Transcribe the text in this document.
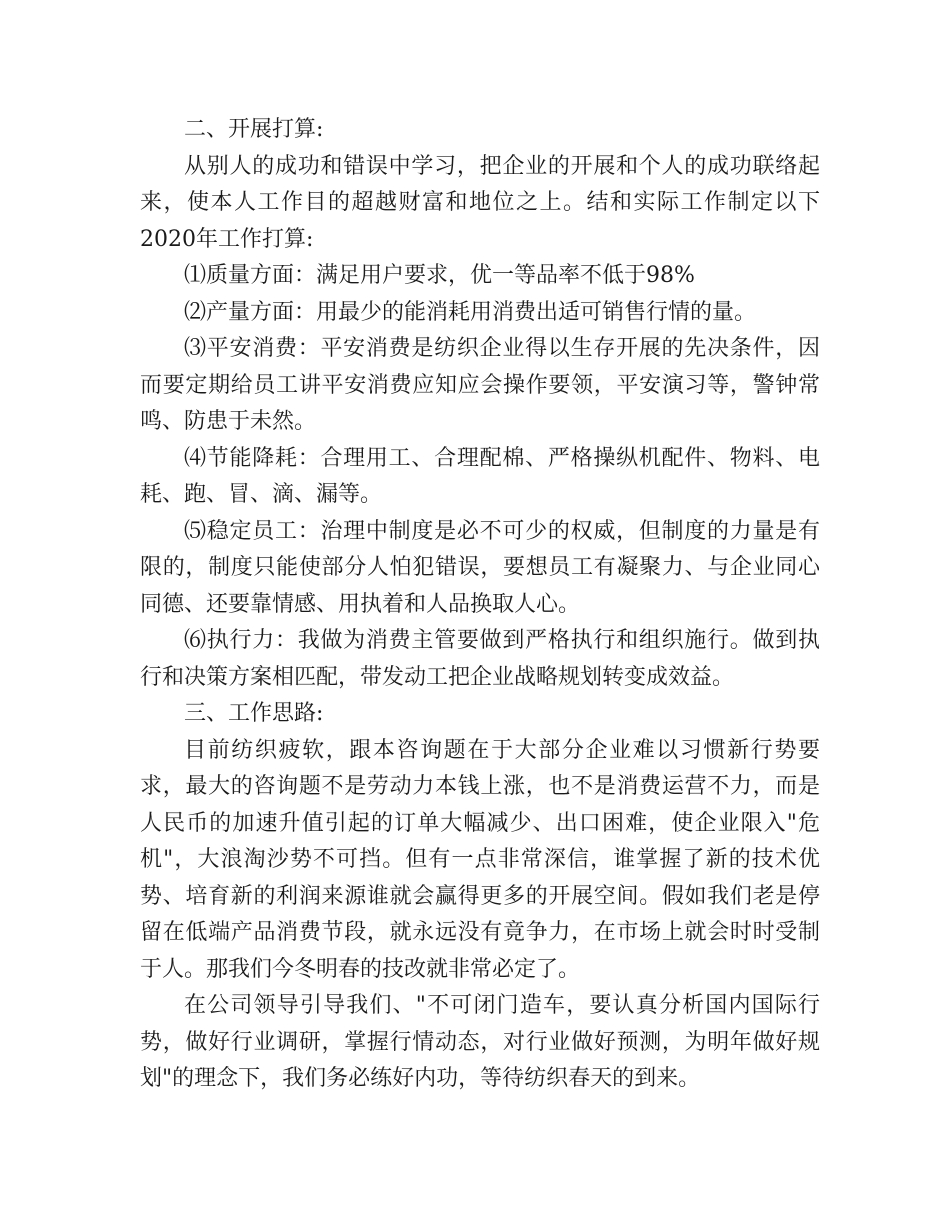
二、开展打算:

从别人的成功和错误中学习，把企业的开展和个人的成功联络起来，使本人工作目的超越财富和地位之上。结和实际工作制定以下2020年工作打算:

⑴质量方面：满足用户要求，优一等品率不低于98%

⑵产量方面：用最少的能消耗用消费出适可销售行情的量。

⑶平安消费：平安消费是纺织企业得以生存开展的先决条件，因而要定期给员工讲平安消费应知应会操作要领，平安演习等，警钟常鸣、防患于未然。

⑷节能降耗：合理用工、合理配棉、严格操纵机配件、物料、电耗、跑、冒、滴、漏等。

⑸稳定员工：治理中制度是必不可少的权威，但制度的力量是有限的，制度只能使部分人怕犯错误，要想员工有凝聚力、与企业同心同德、还要靠情感、用执着和人品换取人心。

⑹执行力：我做为消费主管要做到严格执行和组织施行。做到执行和决策方案相匹配，带发动工把企业战略规划转变成效益。

三、工作思路:

目前纺织疲软，跟本咨询题在于大部分企业难以习惯新行势要求，最大的咨询题不是劳动力本钱上涨，也不是消费运营不力，而是人民币的加速升值引起的订单大幅减少、出口困难，使企业限入"危机"，大浪淘沙势不可挡。但有一点非常深信，谁掌握了新的技术优势、培育新的利润来源谁就会赢得更多的开展空间。假如我们老是停留在低端产品消费节段，就永远没有竟争力，在市场上就会时时受制于人。那我们今冬明春的技改就非常必定了。

在公司领导引导我们、"不可闭门造车，要认真分析国内国际行势，做好行业调研，掌握行情动态，对行业做好预测，为明年做好规划"的理念下，我们务必练好内功，等待纺织春天的到来。
